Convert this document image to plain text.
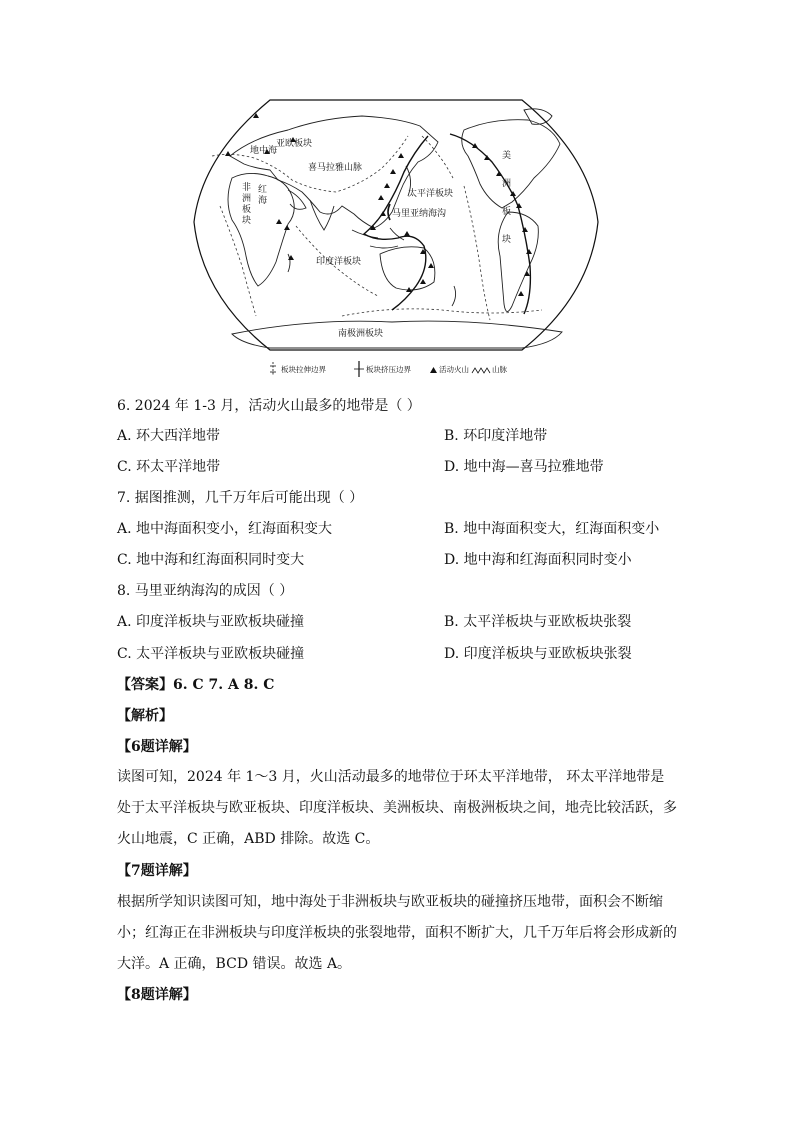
地中海
亚欧板块
喜马拉雅山脉
太平洋板块
马里亚纳海沟
印度洋板块
南极洲板块
非洲板块
红海
美洲板块
板块拉伸边界	板块挤压边界	活动火山	山脉
6. 2024 年 1-3 月，活动火山最多的地带是（ ）
A. 环大西洋地带	B. 环印度洋地带
C. 环太平洋地带	D. 地中海—喜马拉雅地带
7. 据图推测，几千万年后可能出现（ ）
A. 地中海面积变小，红海面积变大	B. 地中海面积变大，红海面积变小
C. 地中海和红海面积同时变大	D. 地中海和红海面积同时变小
8. 马里亚纳海沟的成因（ ）
A. 印度洋板块与亚欧板块碰撞	B. 太平洋板块与亚欧板块张裂
C. 太平洋板块与亚欧板块碰撞	D. 印度洋板块与亚欧板块张裂
【答案】6. C 7. A 8. C
【解析】
【6题详解】
读图可知，2024 年 1～3 月，火山活动最多的地带位于环太平洋地带， 环太平洋地带是处于太平洋板块与欧亚板块、印度洋板块、美洲板块、南极洲板块之间，地壳比较活跃，多火山地震，C 正确，ABD 排除。故选 C。
【7题详解】
根据所学知识读图可知，地中海处于非洲板块与欧亚板块的碰撞挤压地带，面积会不断缩小；红海正在非洲板块与印度洋板块的张裂地带，面积不断扩大，几千万年后将会形成新的大洋。A 正确，BCD 错误。故选 A。
【8题详解】
